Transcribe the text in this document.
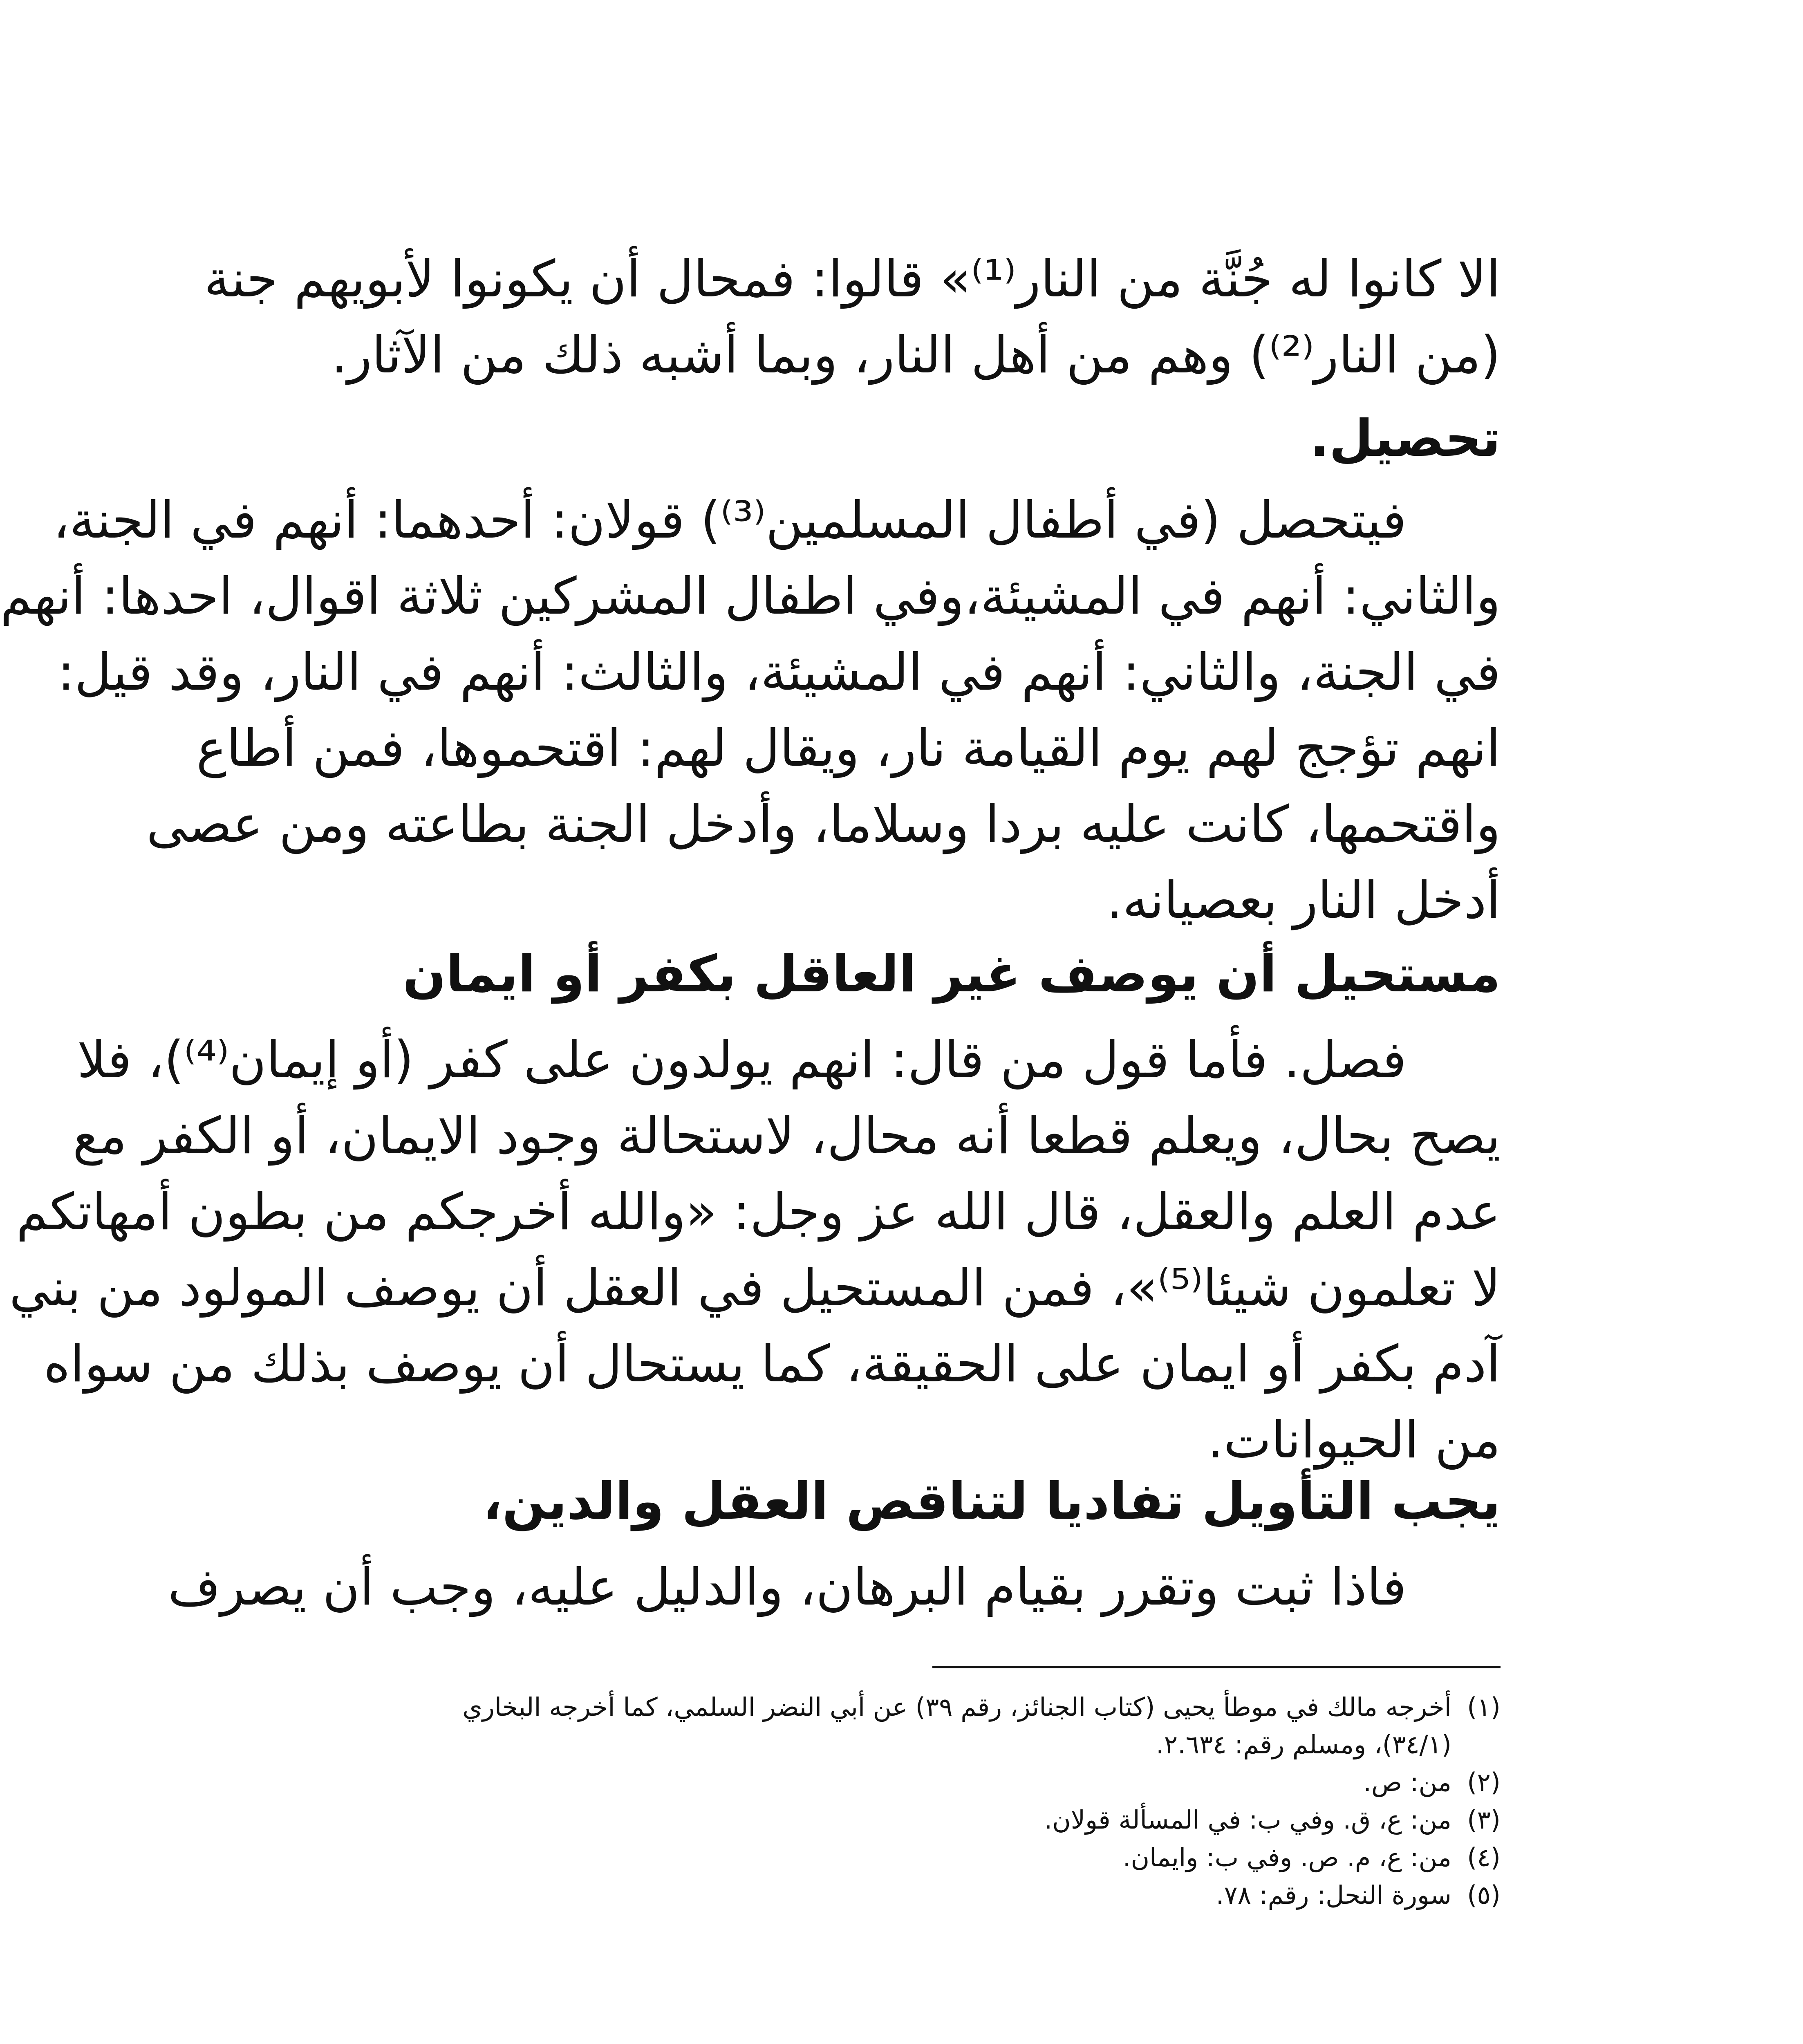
الا كانوا له جُنَّة من النار⁽¹⁾» قالوا: فمحال أن يكونوا لأبويهم جنة
(من النار⁽²⁾) وهم من أهل النار، وبما أشبه ذلك من الآثار.
تحصيل.
فيتحصل (في أطفال المسلمين⁽³⁾) قولان: أحدهما: أنهم في الجنة،
والثاني: أنهم في المشيئة،وفي اطفال المشركين ثلاثة اقوال، احدها: أنهم
في الجنة، والثاني: أنهم في المشيئة، والثالث: أنهم في النار، وقد قيل:
انهم تؤجج لهم يوم القيامة نار، ويقال لهم: اقتحموها، فمن أطاع
واقتحمها، كانت عليه بردا وسلاما، وأدخل الجنة بطاعته ومن عصى
أدخل النار بعصيانه.
مستحيل أن يوصف غير العاقل بكفر أو ايمان
فصل. فأما قول من قال: انهم يولدون على كفر (أو إيمان⁽⁴⁾)، فلا
يصح بحال، ويعلم قطعا أنه محال، لاستحالة وجود الايمان، أو الكفر مع
عدم العلم والعقل، قال الله عز وجل: «والله أخرجكم من بطون أمهاتكم
لا تعلمون شيئا⁽⁵⁾»، فمن المستحيل في العقل أن يوصف المولود من بني
آدم بكفر أو ايمان على الحقيقة، كما يستحال أن يوصف بذلك من سواه
من الحيوانات.
يجب التأويل تفاديا لتناقص العقل والدين،
فاذا ثبت وتقرر بقيام البرهان، والدليل عليه، وجب أن يصرف
(١)
أخرجه مالك في موطأ يحيى (كتاب الجنائز، رقم ٣٩) عن أبي النضر السلمي، كما أخرجه البخاري
(٣٤/١)، ومسلم رقم: ٢.٦٣٤.
(٢)
من: ص.
(٣)
من: ع، ق. وفي ب: في المسألة قولان.
(٤)
من: ع، م. ص. وفي ب: وايمان.
(٥)
سورة النحل: رقم: ٧٨.
